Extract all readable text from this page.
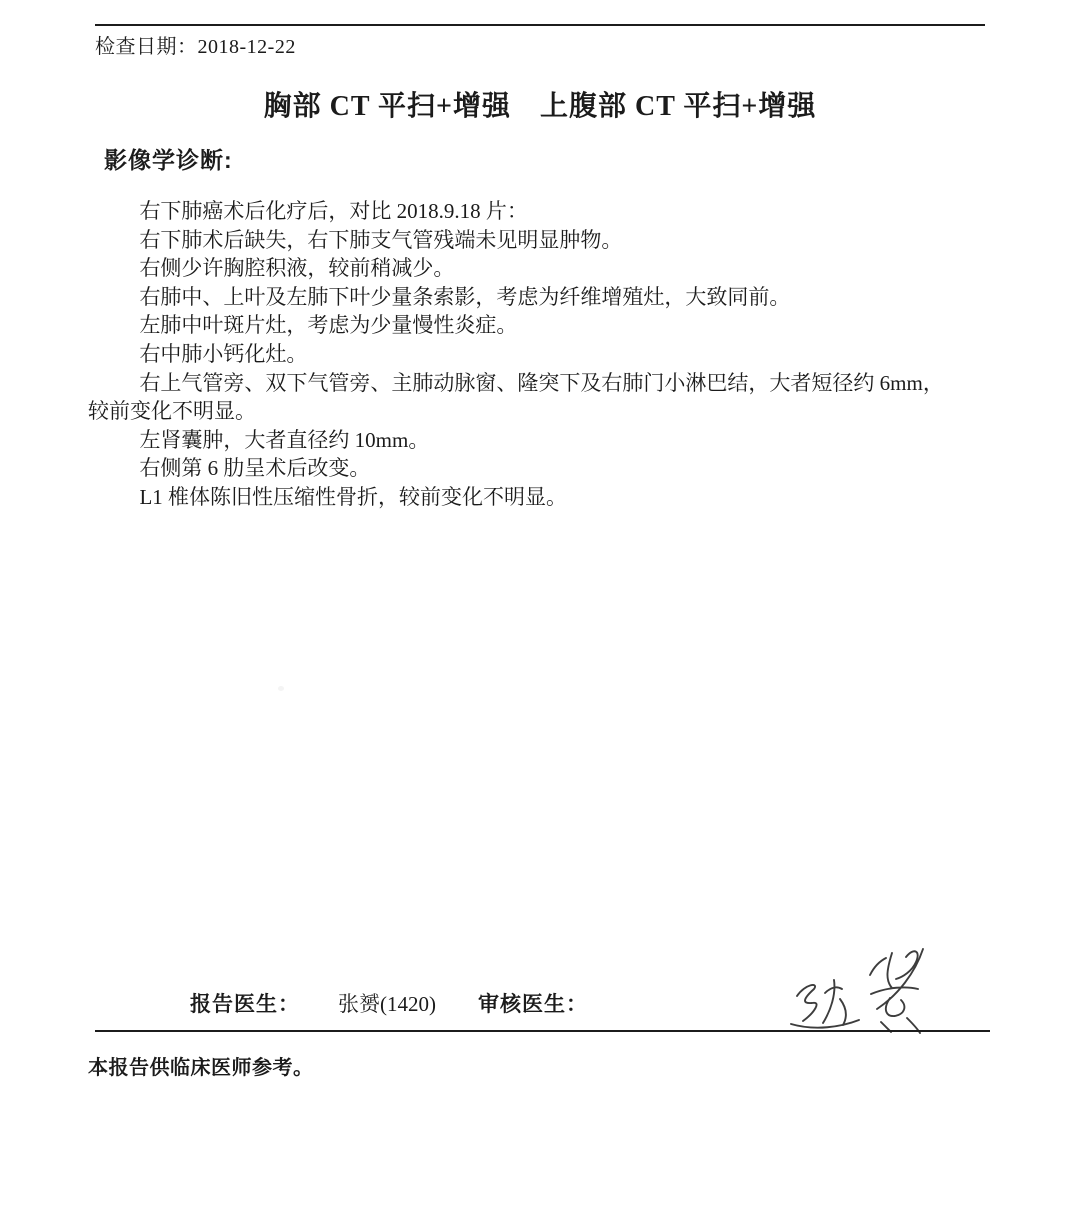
检查日期：2018-12-22
胸部 CT 平扫+增强　上腹部 CT 平扫+增强
影像学诊断:

右下肺癌术后化疗后，对比 2018.9.18 片：

右下肺术后缺失，右下肺支气管残端未见明显肿物。

右侧少许胸腔积液，较前稍减少。

右肺中、上叶及左肺下叶少量条索影，考虑为纤维增殖灶，大致同前。

左肺中叶斑片灶，考虑为少量慢性炎症。

右中肺小钙化灶。

右上气管旁、双下气管旁、主肺动脉窗、隆突下及右肺门小淋巴结，大者短径约 6mm，

较前变化不明显。

左肾囊肿，大者直径约 10mm。

右侧第 6 肋呈术后改变。

L1 椎体陈旧性压缩性骨折，较前变化不明显。

报告医生： 张赟(1420) 审核医生：
本报告供临床医师参考。
